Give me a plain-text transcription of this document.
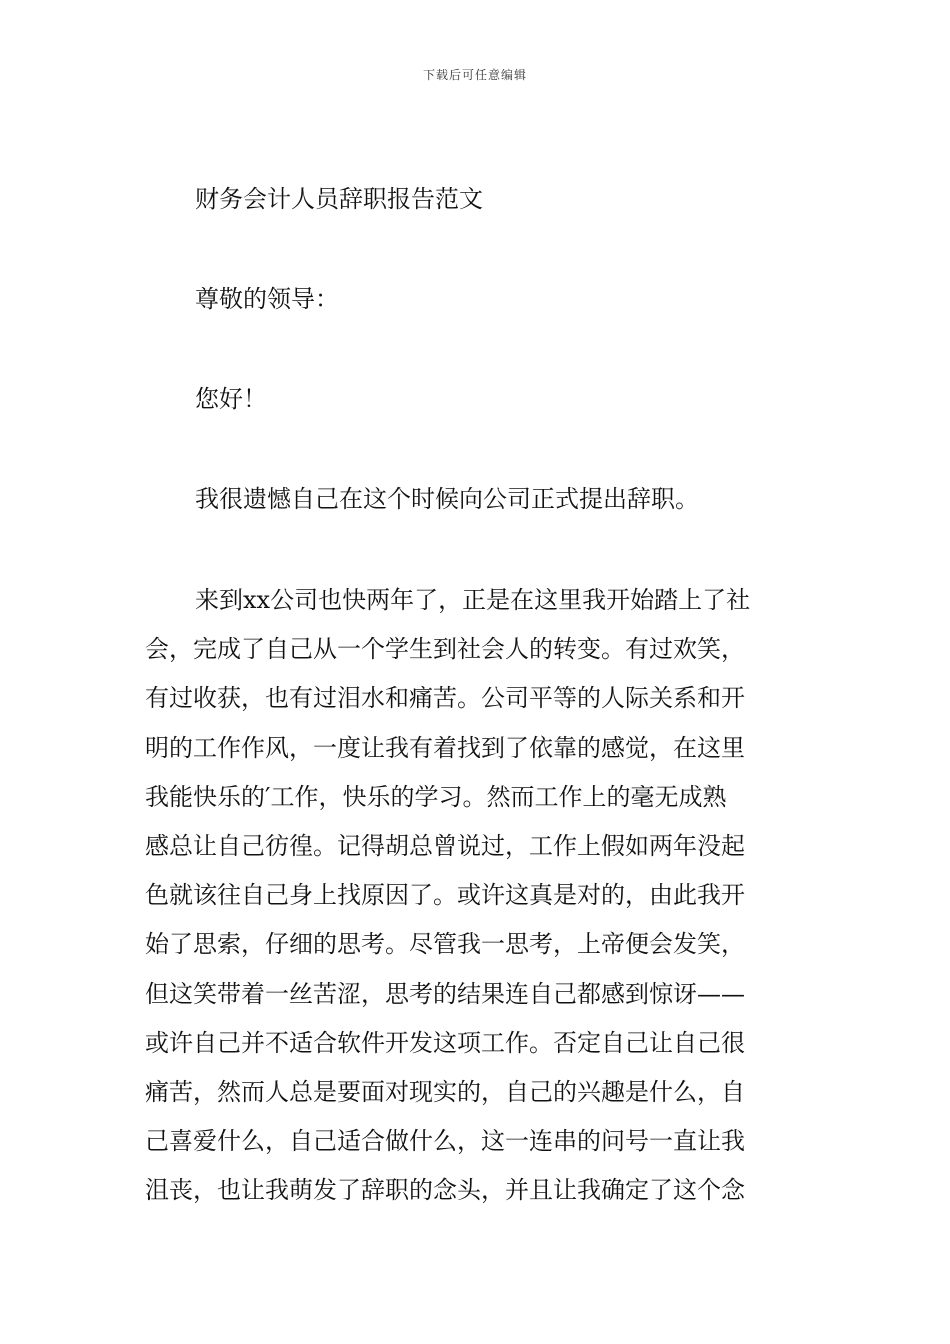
下载后可任意编辑
财务会计人员辞职报告范文
尊敬的领导：
您好！
我很遗憾自己在这个时候向公司正式提出辞职。
来到xx公司也快两年了，正是在这里我开始踏上了社
会，完成了自己从一个学生到社会人的转变。有过欢笑，
有过收获，也有过泪水和痛苦。公司平等的人际关系和开
明的工作作风，一度让我有着找到了依靠的感觉，在这里
我能快乐的′工作，快乐的学习。然而工作上的毫无成熟
感总让自己彷徨。记得胡总曾说过，工作上假如两年没起
色就该往自己身上找原因了。或许这真是对的，由此我开
始了思索，仔细的思考。尽管我一思考，上帝便会发笑，
但这笑带着一丝苦涩，思考的结果连自己都感到惊讶——
或许自己并不适合软件开发这项工作。否定自己让自己很
痛苦，然而人总是要面对现实的，自己的兴趣是什么，自
己喜爱什么，自己适合做什么，这一连串的问号一直让我
沮丧，也让我萌发了辞职的念头，并且让我确定了这个念
